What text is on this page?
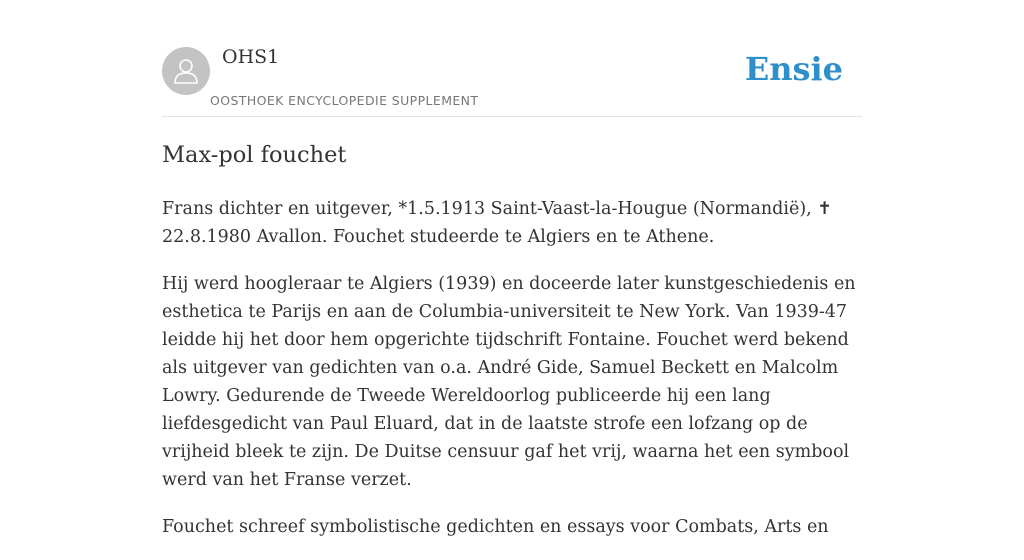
OHS1
OOSTHOEK ENCYCLOPEDIE SUPPLEMENT
Ensie
Max-pol fouchet

Frans dichter en uitgever, *1.5.1913 Saint-Vaast-la-Hougue (Normandië), ✝ 22.8.1980 Avallon. Fouchet studeerde te Algiers en te Athene.

Hij werd hoogleraar te Algiers (1939) en doceerde later kunstgeschiedenis en esthetica te Parijs en aan de Columbia-universiteit te New York. Van 1939-47 leidde hij het door hem opgerichte tijdschrift Fontaine. Fouchet werd bekend als uitgever van gedichten van o.a. André Gide, Samuel Beckett en Malcolm Lowry. Gedurende de Tweede Wereldoorlog publiceerde hij een lang liefdesgedicht van Paul Eluard, dat in de laatste strofe een lofzang op de vrijheid bleek te zijn. De Duitse censuur gaf het vrij, waarna het een symbool werd van het Franse verzet.

Fouchet schreef symbolistische gedichten en essays voor Combats, Arts en
